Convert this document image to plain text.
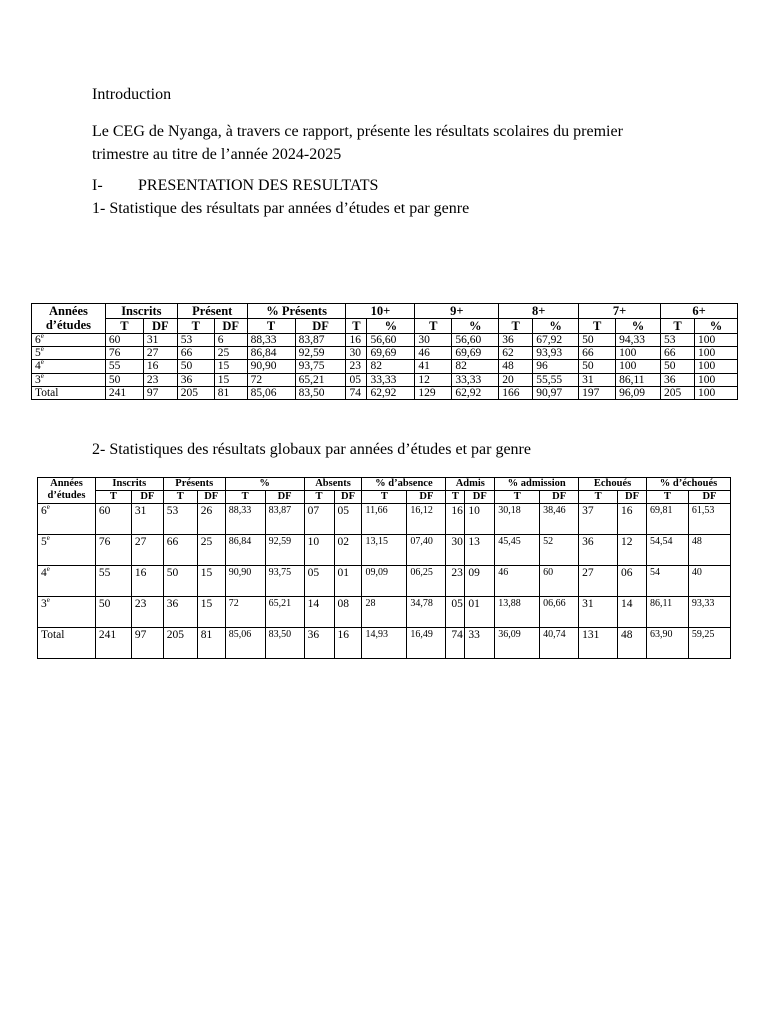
Introduction
Le CEG de Nyanga, à travers ce rapport, présente les résultats scolaires du premier trimestre au titre de l’année 2024-2025
I- PRESENTATION DES RESULTATS
1- Statistique des résultats par années d’études et par genre
Années d’études	Inscrits		Présent		% Présents		10+		9+		8+		7+		6+	
	T	DF	T	DF	T	DF	T	%	T	%	T	%	T	%	T	%
6e	60	31	53	6	88,33	83,87	16	56,60	30	56,60	36	67,92	50	94,33	53	100
5e	76	27	66	25	86,84	92,59	30	69,69	46	69,69	62	93,93	66	100	66	100
4e	55	16	50	15	90,90	93,75	23	82	41	82	48	96	50	100	50	100
3e	50	23	36	15	72	65,21	05	33,33	12	33,33	20	55,55	31	86,11	36	100
Total	241	97	205	81	85,06	83,50	74	62,92	129	62,92	166	90,97	197	96,09	205	100
2- Statistiques des résultats globaux par années d’études et par genre
Années d’études	Inscrits		Présents		%		Absents		% d’absence		Admis		% admission		Echoués		% d’échoués	
	T	DF	T	DF	T	DF	T	DF	T	DF	T	DF	T	DF	T	DF	T	DF
6e	60	31	53	26	88,33	83,87	07	05	11,66	16,12	16	10	30,18	38,46	37	16	69,81	61,53
5e	76	27	66	25	86,84	92,59	10	02	13,15	07,40	30	13	45,45	52	36	12	54,54	48
4e	55	16	50	15	90,90	93,75	05	01	09,09	06,25	23	09	46	60	27	06	54	40
3e	50	23	36	15	72	65,21	14	08	28	34,78	05	01	13,88	06,66	31	14	86,11	93,33
Total	241	97	205	81	85,06	83,50	36	16	14,93	16,49	74	33	36,09	40,74	131	48	63,90	59,25
